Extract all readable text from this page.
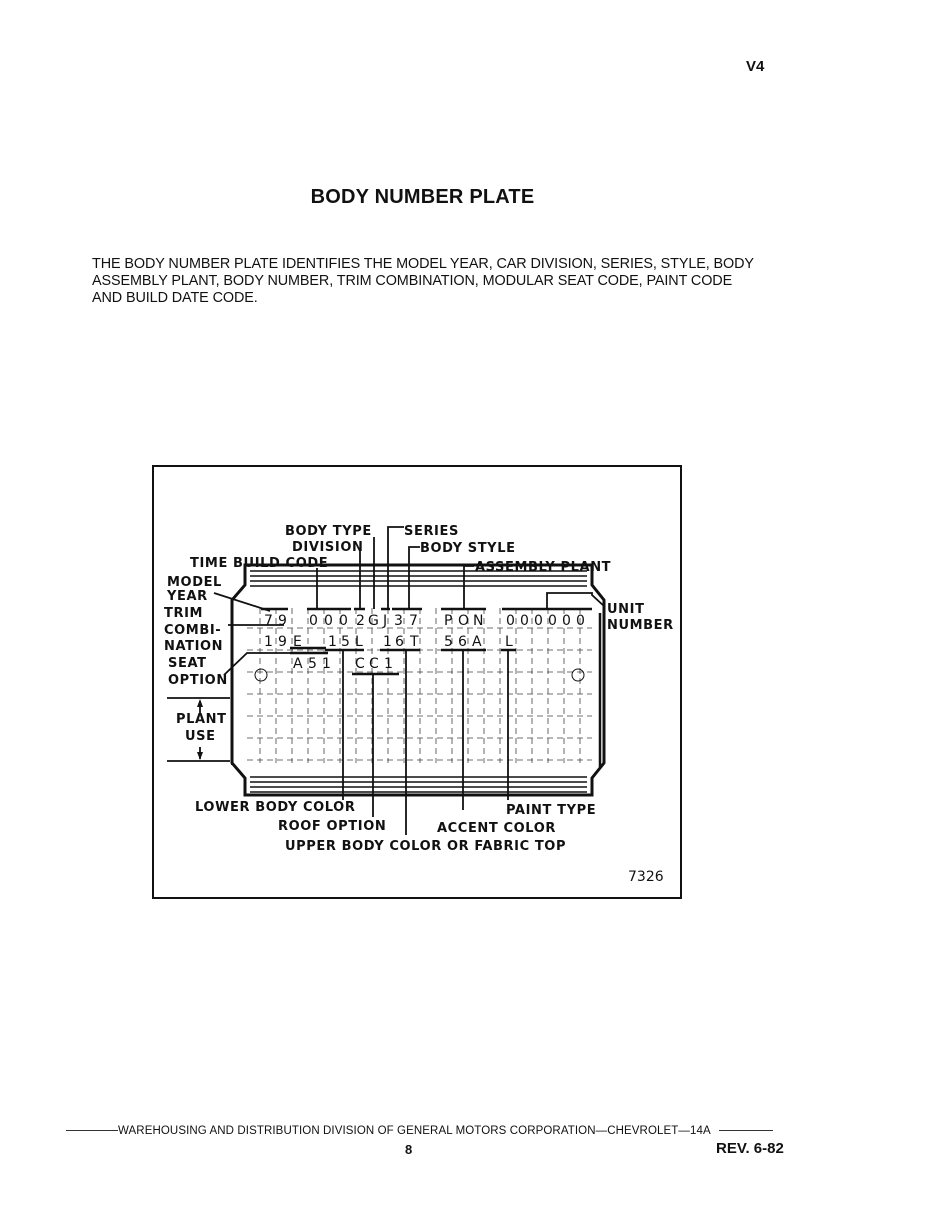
V4
BODY NUMBER PLATE
THE BODY NUMBER PLATE IDENTIFIES THE MODEL YEAR, CAR DIVISION, SERIES, STYLE, BODY ASSEMBLY PLANT, BODY NUMBER, TRIM COMBINATION, MODULAR SEAT CODE, PAINT CODE AND BUILD DATE CODE.
7 9 0 0 0 2 G J 3 7 P O N 0 0 0 0 0 0
1 9 E 1 5 L 1 6 T 5 6 A L
A 5 1 C C 1
BODY TYPE SERIES
DIVISION	BODY STYLE
TIME BUILD CODE	ASSEMBLY PLANT
MODEL
YEAR
TRIM
COMBI-
NATION
SEAT
OPTION
PLANT
USE
UNIT
NUMBER
LOWER BODY COLOR	PAINT TYPE
ROOF OPTION	ACCENT COLOR
UPPER BODY COLOR OR FABRIC TOP
7326
WAREHOUSING AND DISTRIBUTION DIVISION OF GENERAL MOTORS CORPORATION—CHEVROLET—14A
8	REV. 6-82
